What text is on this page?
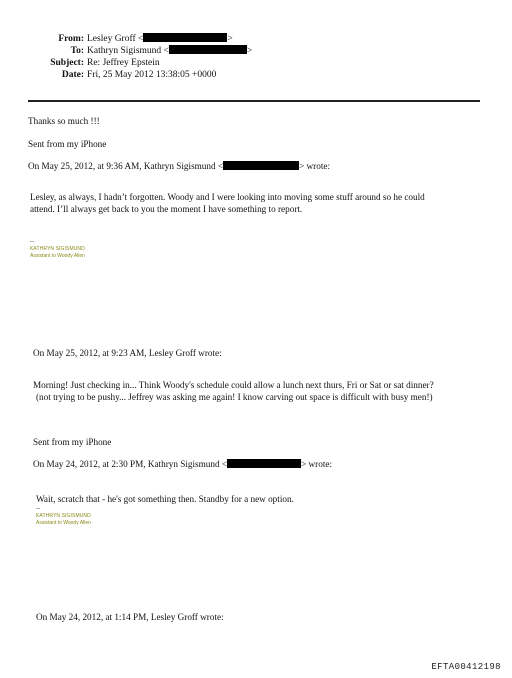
From: Lesley Groff <	>
To: Kathryn Sigismund <	>
Subject: Re: Jeffrey Epstein
Date: Fri, 25 May 2012 13:38:05 +0000
Thanks so much !!!
Sent from my iPhone
On May 25, 2012, at 9:36 AM, Kathryn Sigismund <	> wrote:
Lesley, as always, I hadn’t forgotten. Woody and I were looking into moving some stuff around so he could
attend. I’ll always get back to you the moment I have something to report.
--
KATHRYN SIGISMUND
Assistant to Woody Allen
On May 25, 2012, at 9:23 AM, Lesley Groff wrote:
Morning! Just checking in... Think Woody's schedule could allow a lunch next thurs, Fri or Sat or sat dinner?
(not trying to be pushy... Jeffrey was asking me again! I know carving out space is difficult with busy men!)
Sent from my iPhone
On May 24, 2012, at 2:30 PM, Kathryn Sigismund <	> wrote:
Wait, scratch that - he's got something then. Standby for a new option.
--
KATHRYN SIGISMUND
Assistant to Woody Allen
On May 24, 2012, at 1:14 PM, Lesley Groff wrote:
EFTA00412198
